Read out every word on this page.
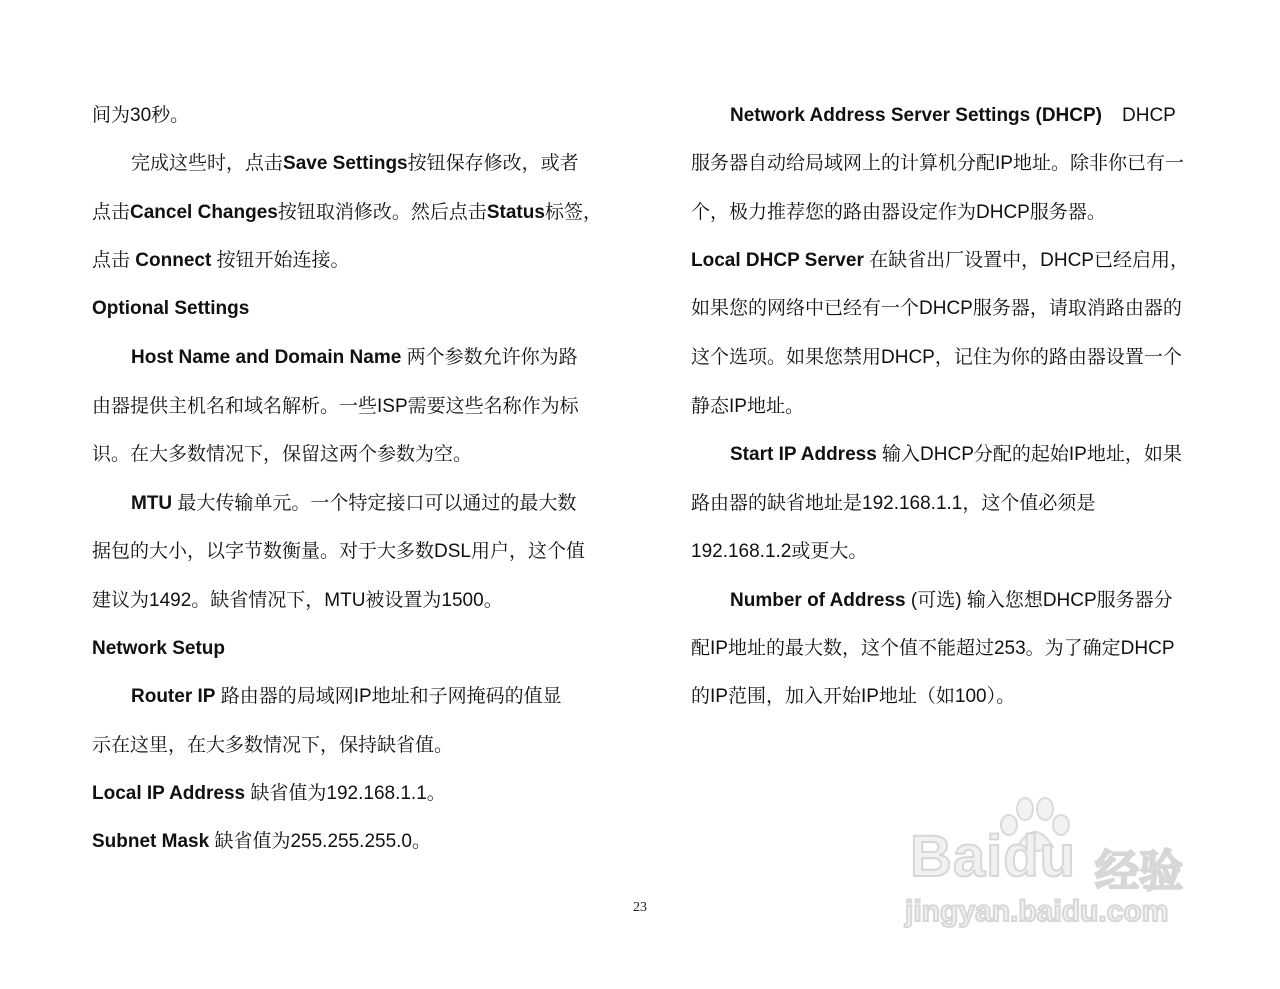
间为30秒。
完成这些时，点击Save Settings按钮保存修改，或者
点击Cancel Changes按钮取消修改。然后点击Status标签，
点击 Connect 按钮开始连接。
Optional Settings
Host Name and Domain Name 两个参数允许你为路
由器提供主机名和域名解析。一些ISP需要这些名称作为标
识。在大多数情况下，保留这两个参数为空。
MTU 最大传输单元。一个特定接口可以通过的最大数
据包的大小，以字节数衡量。对于大多数DSL用户，这个值
建议为1492。缺省情况下，MTU被设置为1500。
Network Setup
Router IP 路由器的局域网IP地址和子网掩码的值显
示在这里，在大多数情况下，保持缺省值。
Local IP Address 缺省值为192.168.1.1。
Subnet Mask 缺省值为255.255.255.0。
Network Address Server Settings (DHCP) DHCP
服务器自动给局域网上的计算机分配IP地址。除非你已有一
个，极力推荐您的路由器设定作为DHCP服务器。
Local DHCP Server 在缺省出厂设置中，DHCP已经启用，
如果您的网络中已经有一个DHCP服务器，请取消路由器的
这个选项。如果您禁用DHCP，记住为你的路由器设置一个
静态IP地址。
Start IP Address 输入DHCP分配的起始IP地址，如果
路由器的缺省地址是192.168.1.1，这个值必须是
192.168.1.2或更大。
Number of Address (可选) 输入您想DHCP服务器分
配IP地址的最大数，这个值不能超过253。为了确定DHCP
的IP范围，加入开始IP地址（如100）。
23
Baidu 经验
jingyan.baidu.com
